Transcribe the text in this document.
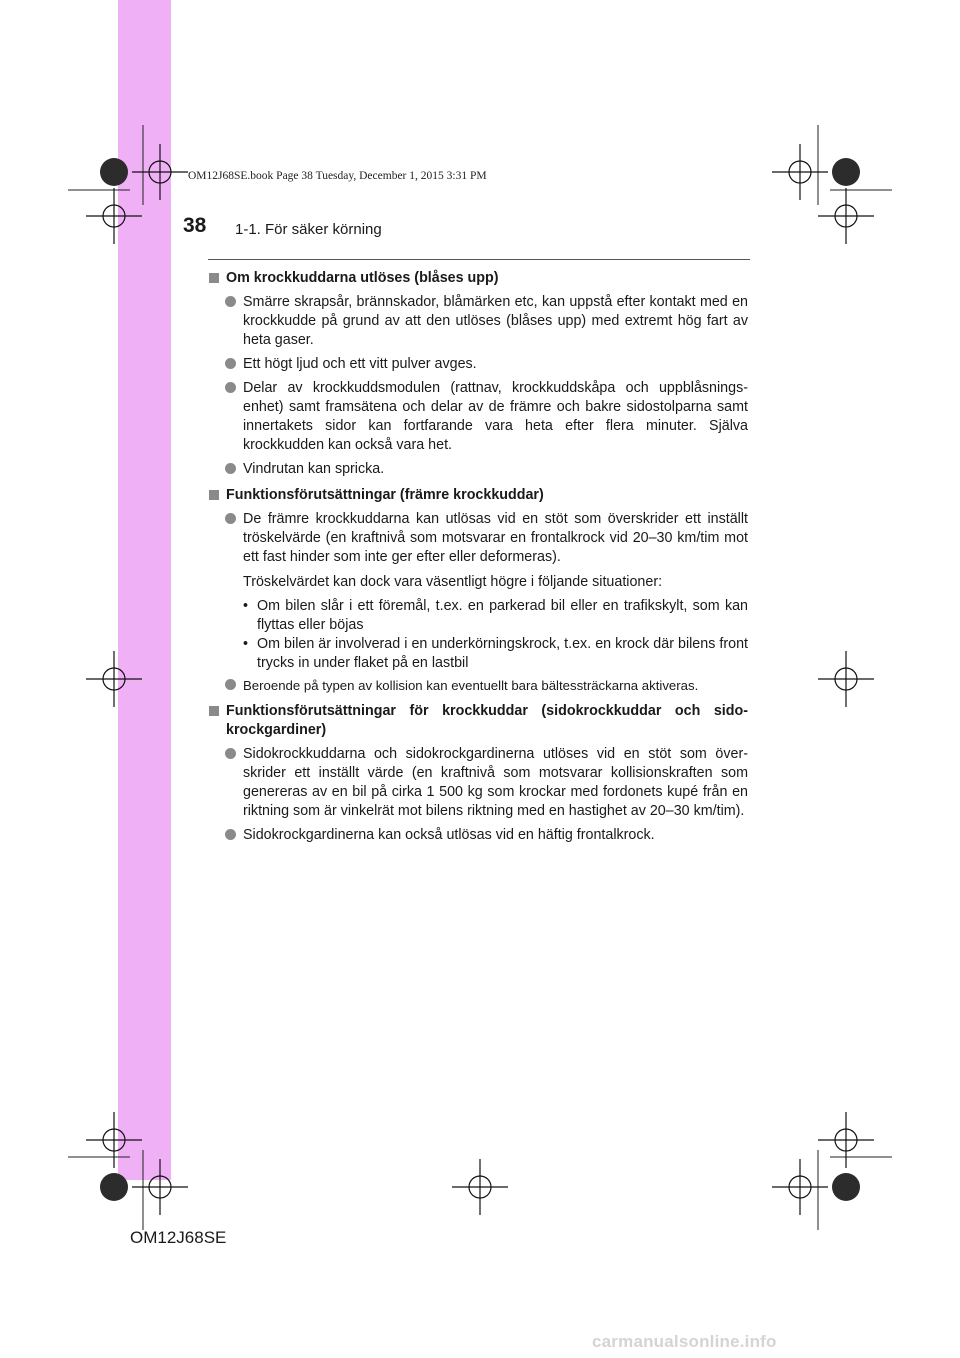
OM12J68SE.book Page 38 Tuesday, December 1, 2015 3:31 PM
38 1-1. För säker körning
Om krockkuddarna utlöses (blåses upp)
Smärre skrapsår, brännskador, blåmärken etc, kan uppstå efter kontakt med en krockkudde på grund av att den utlöses (blåses upp) med extremt hög fart av heta gaser.
Ett högt ljud och ett vitt pulver avges.
Delar av krockkuddsmodulen (rattnav, krockkuddskåpa och uppblåsnings-enhet) samt framsätena och delar av de främre och bakre sidostolparna samt innertakets sidor kan fortfarande vara heta efter flera minuter. Själva krockkudden kan också vara het.
Vindrutan kan spricka.
Funktionsförutsättningar (främre krockkuddar)
De främre krockkuddarna kan utlösas vid en stöt som överskrider ett inställt tröskelvärde (en kraftnivå som motsvarar en frontalkrock vid 20–30 km/tim mot ett fast hinder som inte ger efter eller deformeras).
Tröskelvärdet kan dock vara väsentligt högre i följande situationer:
• Om bilen slår i ett föremål, t.ex. en parkerad bil eller en trafikskylt, som kan flyttas eller böjas
• Om bilen är involverad i en underkörningskrock, t.ex. en krock där bilens front trycks in under flaket på en lastbil
Beroende på typen av kollision kan eventuellt bara bältessträckarna aktiveras.
Funktionsförutsättningar för krockkuddar (sidokrockkuddar och sido-krockgardiner)
Sidokrockkuddarna och sidokrockgardinerna utlöses vid en stöt som över-skrider ett inställt värde (en kraftnivå som motsvarar kollisionskraften som genereras av en bil på cirka 1 500 kg som krockar med fordonets kupé från en riktning som är vinkelrät mot bilens riktning med en hastighet av 20–30 km/tim).
Sidokrockgardinerna kan också utlösas vid en häftig frontalkrock.
OM12J68SE
carmanualsonline.info
